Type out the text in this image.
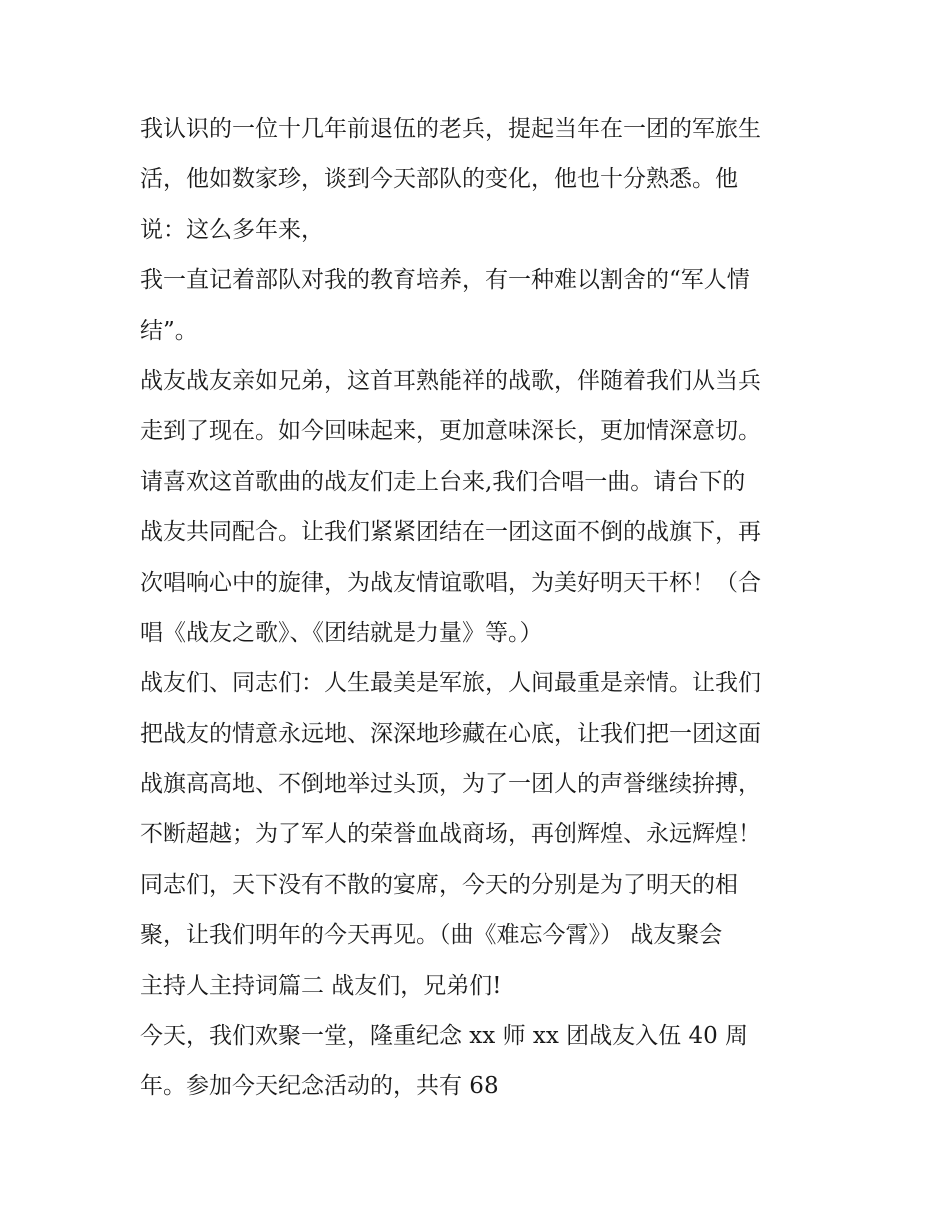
我认识的一位十几年前退伍的老兵，提起当年在一团的军旅生
活，他如数家珍，谈到今天部队的变化，他也十分熟悉。他
说：这么多年来，
我一直记着部队对我的教育培养，有一种难以割舍的“军人情
结”。
战友战友亲如兄弟，这首耳熟能祥的战歌，伴随着我们从当兵
走到了现在。如今回味起来，更加意味深长，更加情深意切。
请喜欢这首歌曲的战友们走上台来,我们合唱一曲。请台下的
战友共同配合。让我们紧紧团结在一团这面不倒的战旗下，再
次唱响心中的旋律，为战友情谊歌唱，为美好明天干杯！（合
唱《战友之歌》、《团结就是力量》等。）
战友们、同志们：人生最美是军旅，人间最重是亲情。让我们
把战友的情意永远地、深深地珍藏在心底，让我们把一团这面
战旗高高地、不倒地举过头顶，为了一团人的声誉继续拚搏，
不断超越；为了军人的荣誉血战商场，再创辉煌、永远辉煌！
同志们，天下没有不散的宴席，今天的分别是为了明天的相
聚，让我们明年的今天再见。（曲《难忘今霄》） 战友聚会
主持人主持词篇二 战友们，兄弟们!
今天，我们欢聚一堂，隆重纪念 xx 师 xx 团战友入伍 40 周
年。参加今天纪念活动的，共有 68
